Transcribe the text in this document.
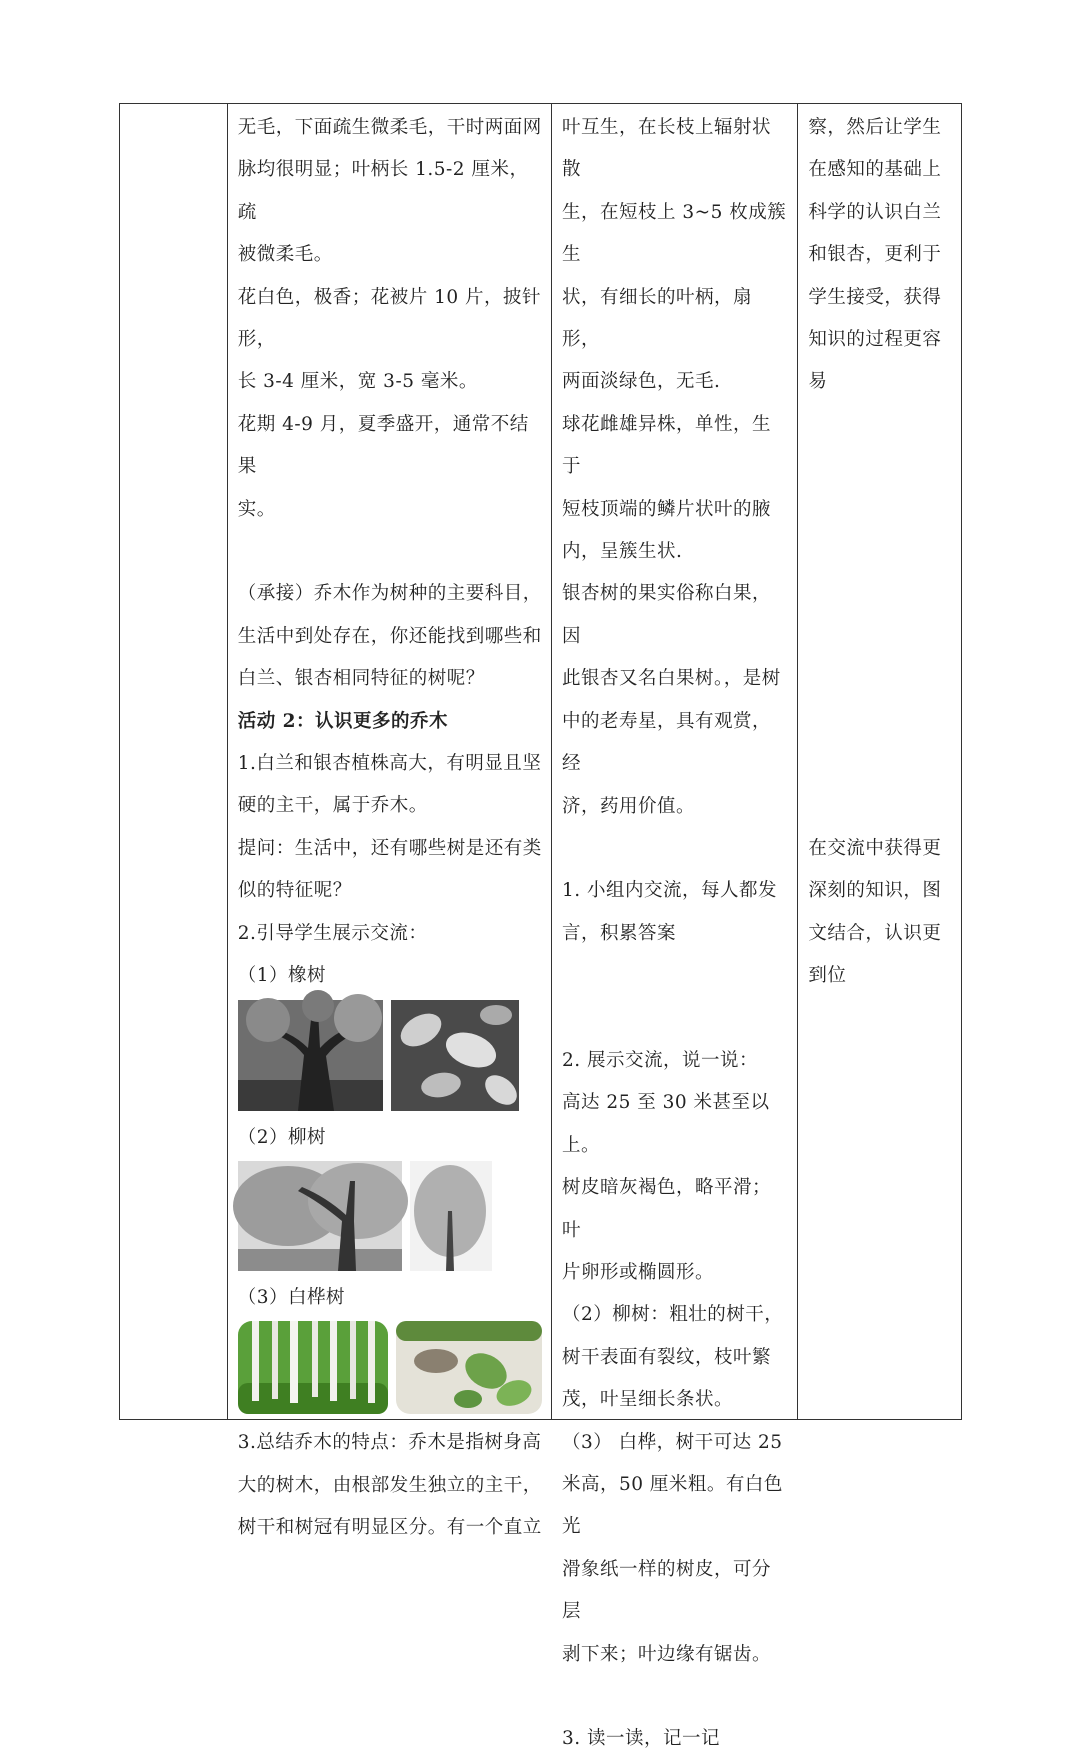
无毛，下面疏生微柔毛，干时两面网

脉均很明显；叶柄长 1.5-2 厘米，疏

被微柔毛。

花白色，极香；花被片 10 片，披针形，

长 3-4 厘米，宽 3-5 毫米。

花期 4-9 月，夏季盛开，通常不结果

实。

（承接）乔木作为树种的主要科目，

生活中到处存在，你还能找到哪些和

白兰、银杏相同特征的树呢？

活动 2：认识更多的乔木

1.白兰和银杏植株高大，有明显且坚

硬的主干，属于乔木。

提问：生活中，还有哪些树是还有类

似的特征呢？

2.引导学生展示交流：

（1）橡树

（2）柳树

（3）白桦树

3.总结乔木的特点：乔木是指树身高

大的树木，由根部发生独立的主干，

树干和树冠有明显区分。有一个直立

叶互生，在长枝上辐射状散

生，在短枝上 3~5 枚成簇生

状，有细长的叶柄，扇形，

两面淡绿色，无毛.

球花雌雄异株，单性，生于

短枝顶端的鳞片状叶的腋

内，呈簇生状.

银杏树的果实俗称白果，因

此银杏又名白果树。，是树

中的老寿星，具有观赏，经

济，药用价值。

1. 小组内交流，每人都发

言，积累答案

2. 展示交流，说一说：

高达 25 至 30 米甚至以上。

树皮暗灰褐色，略平滑；叶

片卵形或椭圆形。

（2）柳树：粗壮的树干，

树干表面有裂纹，枝叶繁

茂，叶呈细长条状。

（3） 白桦，树干可达 25

米高，50 厘米粗。有白色光

滑象纸一样的树皮，可分层

剥下来；叶边缘有锯齿。

3. 读一读，记一记

察，然后让学生

在感知的基础上

科学的认识白兰

和银杏，更利于

学生接受，获得

知识的过程更容

易

在交流中获得更

深刻的知识，图

文结合，认识更

到位
